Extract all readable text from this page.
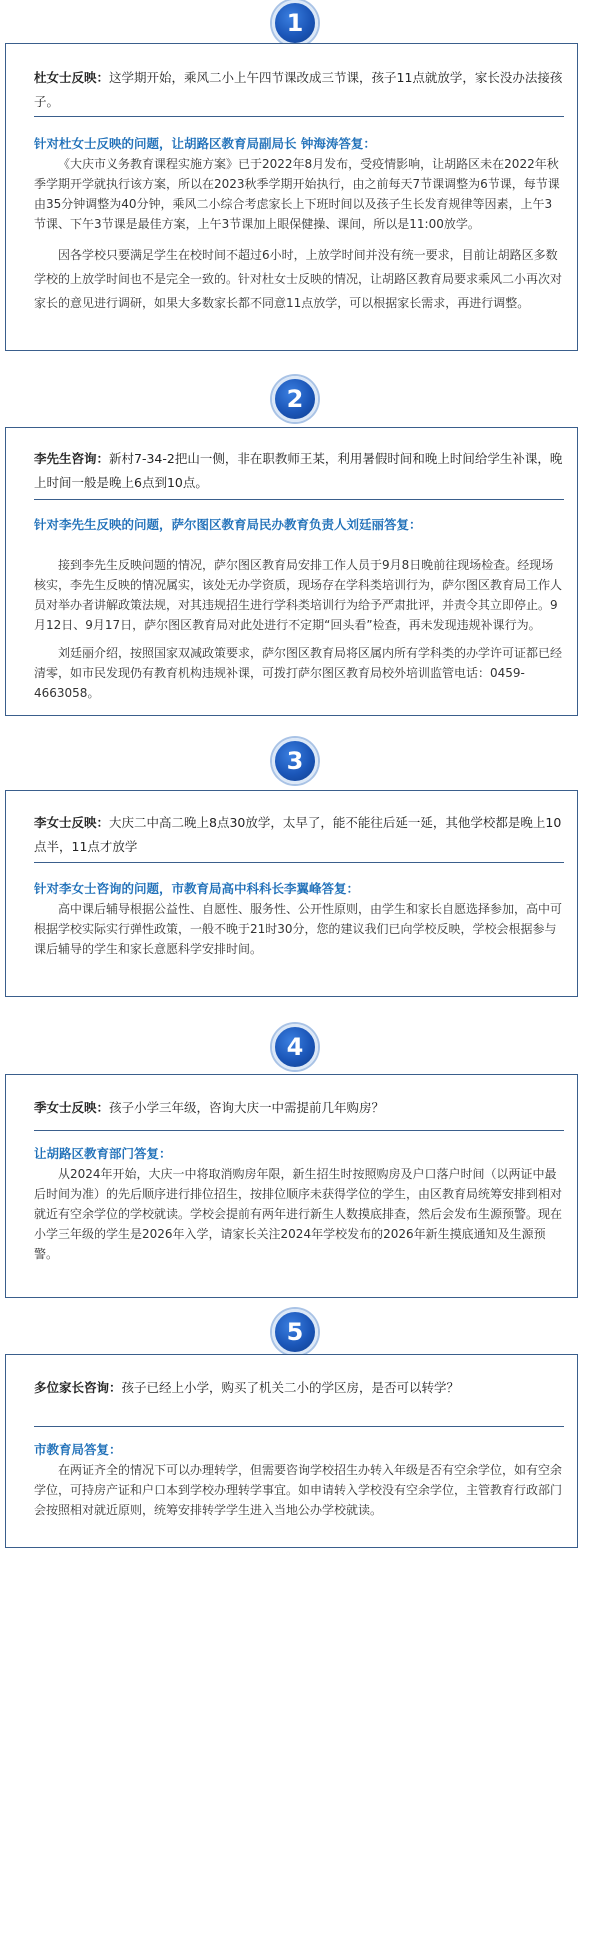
1
杜女士反映：这学期开始，乘风二小上午四节课改成三节课，孩子11点就放学，家长没办法接孩子。
针对杜女士反映的问题，让胡路区教育局副局长 钟海涛答复：
《大庆市义务教育课程实施方案》已于2022年8月发布，受疫情影响，让胡路区未在2022年秋季学期开学就执行该方案，所以在2023秋季学期开始执行，由之前每天7节课调整为6节课，每节课由35分钟调整为40分钟，乘风二小综合考虑家长上下班时间以及孩子生长发育规律等因素，上午3节课、下午3节课是最佳方案，上午3节课加上眼保健操、课间，所以是11:00放学。
因各学校只要满足学生在校时间不超过6小时，上放学时间并没有统一要求，目前让胡路区多数学校的上放学时间也不是完全一致的。针对杜女士反映的情况，让胡路区教育局要求乘风二小再次对家长的意见进行调研，如果大多数家长都不同意11点放学，可以根据家长需求，再进行调整。
2
李先生咨询：新村7-34-2把山一侧，非在职教师王某，利用暑假时间和晚上时间给学生补课，晚上时间一般是晚上6点到10点。
针对李先生反映的问题，萨尔图区教育局民办教育负责人刘廷丽答复：
接到李先生反映问题的情况，萨尔图区教育局安排工作人员于9月8日晚前往现场检查。经现场核实，李先生反映的情况属实，该处无办学资质，现场存在学科类培训行为，萨尔图区教育局工作人员对举办者讲解政策法规，对其违规招生进行学科类培训行为给予严肃批评，并责令其立即停止。9月12日、9月17日，萨尔图区教育局对此处进行不定期“回头看”检查，再未发现违规补课行为。
刘廷丽介绍，按照国家双减政策要求，萨尔图区教育局将区属内所有学科类的办学许可证都已经清零，如市民发现仍有教育机构违规补课，可拨打萨尔图区教育局校外培训监管电话：0459-4663058。
3
李女士反映：大庆二中高二晚上8点30放学，太早了，能不能往后延一延，其他学校都是晚上10点半，11点才放学
针对李女士咨询的问题，市教育局高中科科长李翼峰答复：
高中课后辅导根据公益性、自愿性、服务性、公开性原则，由学生和家长自愿选择参加，高中可根据学校实际实行弹性政策，一般不晚于21时30分，您的建议我们已向学校反映，学校会根据参与课后辅导的学生和家长意愿科学安排时间。
4
季女士反映：孩子小学三年级，咨询大庆一中需提前几年购房？
让胡路区教育部门答复：
从2024年开始，大庆一中将取消购房年限，新生招生时按照购房及户口落户时间（以两证中最后时间为准）的先后顺序进行排位招生，按排位顺序未获得学位的学生，由区教育局统筹安排到相对就近有空余学位的学校就读。学校会提前有两年进行新生人数摸底排查，然后会发布生源预警。现在小学三年级的学生是2026年入学，请家长关注2024年学校发布的2026年新生摸底通知及生源预警。
5
多位家长咨询：孩子已经上小学，购买了机关二小的学区房，是否可以转学？
市教育局答复：
在两证齐全的情况下可以办理转学，但需要咨询学校招生办转入年级是否有空余学位，如有空余学位，可持房产证和户口本到学校办理转学事宜。如申请转入学校没有空余学位，主管教育行政部门会按照相对就近原则，统筹安排转学学生进入当地公办学校就读。
